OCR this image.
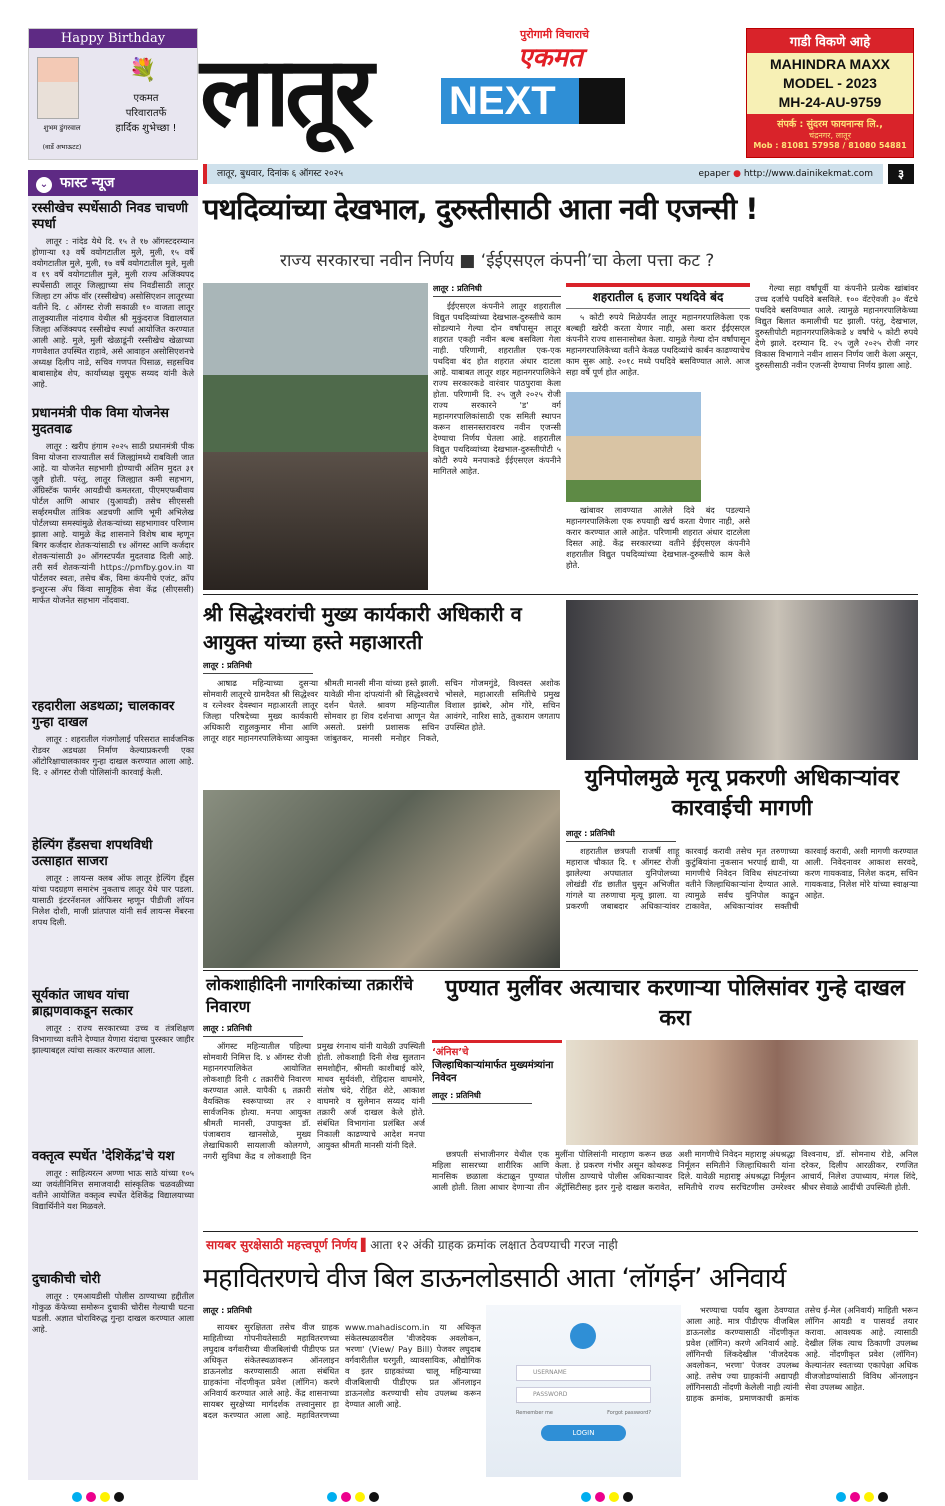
Happy Birthday
💐
शुभम डुंगरवाल
(वार्डे अभाऊटट)
एकमत
परिवारातर्फे
हार्दिक शुभेच्छा ! लातूर
पुरोगामी विचाराचे
एकमत
NEXT
गाडी विकणे आहे
MAHINDRA MAXX
MODEL - 2023
MH-24-AU-9759
संपर्क : सुंदरम फायनान्स लि.,
चंद्रनगर, लातूर
Mob : 81081 57958 / 81080 54881
लातूर, बुधवार, दिनांक ६ ऑगस्ट २०२५	epaper ● http://www.dainikekmat.com	३
⌄ फास्ट न्यूज
रस्सीखेच स्पर्धेसाठी निवड चाचणी स्पर्धा

लातूर : नांदेड येथे दि. १५ ते १७ ऑगस्टदरम्यान होणाऱ्या १३ वर्षे वयोगटातील मुले, मुली, १५ वर्षे वयोगटातील मुले, मुली, १७ वर्षे वयोगटातील मुले, मुली व १९ वर्षे वयोगटातील मुले, मुली राज्य अजिंक्यपद स्पर्धेसाठी लातूर जिल्ह्याच्या संघ निवडीसाठी लातूर जिल्हा टग ऑफ वॉर (रस्सीखेच) असोसिएशन लातूरच्या वतीने दि. ८ ऑगस्ट रोजी सकाळी १० वाजता लातूर तालुक्यातील नांदगाव येथील श्री मुकुंदराज विद्यालयात जिल्हा अजिंक्यपद रस्सीखेच स्पर्धा आयोजित करण्यात आली आहे. मुले, मुली खेळाडूंनी रस्सीखेच खेळाच्या गणवेशात उपस्थित राहावे, असे आवाहन असोसिएशनचे अध्यक्ष दिलीप नाडे, सचिव गणपत पिसाळ, सहसचिव बाबासाहेब शेप, कार्याध्यक्ष युसूफ सय्यद यांनी केले आहे.

प्रधानमंत्री पीक विमा योजनेस मुदतवाढ

लातूर : खरीप हंगाम २०२५ साठी प्रधानमंत्री पीक विमा योजना राज्यातील सर्व जिल्ह्यांमध्ये राबविली जात आहे. या योजनेत सहभागी होण्याची अंतिम मुदत ३१ जुलै होती. परंतु, लातूर जिल्ह्यात कमी सहभाग, ॲग्रिस्टॅक फार्मर आयडीची कमतरता, पीएमएफबीवाय पोर्टल आणि आधार (युआयडी) तसेच सीएससी सर्व्हरमधील तांत्रिक अडचणी आणि भूमी अभिलेख पोर्टलच्या समस्यांमुळे शेतकऱ्यांच्या सहभागावर परिणाम झाला आहे. यामुळे केंद्र शासनाने विशेष बाब म्हणून बिगर कर्जदार शेतकऱ्यांसाठी १४ ऑगस्ट आणि कर्जदार शेतकऱ्यांसाठी ३० ऑगस्टपर्यंत मुदतवाढ दिली आहे. तरी सर्व शेतकऱ्यांनी https://pmfby.gov.in या पोर्टलवर स्वतः, तसेच बँक, विमा कंपनीचे एजंट, क्रॉप इन्शुरन्स ॲप किंवा सामूहिक सेवा केंद्र (सीएससी) मार्फत योजनेत सहभाग नोंदवावा.

रहदारीला अडथळा; चालकावर गुन्हा दाखल

लातूर : शहरातील गंजगोलाई परिसरात सार्वजनिक रोडवर अडथळा निर्माण केल्याप्रकरणी एका ऑटोरिक्षाचालकावर गुन्हा दाखल करण्यात आला आहे. दि. २ ऑगस्ट रोजी पोलिसांनी कारवाई केली.

हेल्पिंग हँडसचा शपथविधी उत्साहात साजरा

लातूर : लायन्स क्लब ऑफ लातूर हेल्पिंग हँड्स यांचा पदग्रहण समारंभ नुकताच लातूर येथे पार पडला. यासाठी इंटरनॅशनल ऑफिसर म्हणून पीडीजी लॉयन निलेश दोशी, माजी प्रांतपाल यांनी सर्व लायन्स मेंबरना शपथ दिली.

सूर्यकांत जाधव यांचा ब्राह्मणवाकडून सत्कार

लातूर : राज्य सरकारच्या उच्च व तंत्रशिक्षण विभागाच्या वतीने देण्यात येणारा यंदाचा पुरस्कार जाहीर झाल्याबद्दल त्यांचा सत्कार करण्यात आला.

वक्तृत्व स्पर्धेत 'देशिकेंद्र'चे यश

लातूर : साहित्यरत्न अण्णा भाऊ साठे यांच्या १०५ व्या जयंतीनिमित्त समाजवादी सांस्कृतिक चळवळीच्या वतीने आयोजित वक्तृत्व स्पर्धेत देशिकेंद्र विद्यालयाच्या विद्यार्थिनीने यश मिळवले.

दुचाकीची चोरी

लातूर : एमआयडीसी पोलीस ठाण्याच्या हद्दीतील गोकुळ कॅफेच्या समोरून दुचाकी चोरीस गेल्याची घटना घडली. अज्ञात चोराविरुद्ध गुन्हा दाखल करण्यात आला आहे.

पथदिव्यांच्या देखभाल, दुरुस्तीसाठी आता नवी एजन्सी !
राज्य सरकारचा नवीन निर्णय ■ ‘ईईएसएल कंपनी’चा केला पत्ता कट ?
लातूर : प्रतिनिधी

ईईएसएल कंपनीने लातूर शहरातील विद्युत पथदिव्यांच्या देखभाल-दुरुस्तीचे काम सोडल्याने गेल्या दोन वर्षांपासून लातूर शहरात एकही नवीन बल्ब बसविला गेला नाही. परिणामी, शहरातील एक-एक पथदिवा बंद होत शहरात अंधार दाटला आहे. याबाबत लातूर शहर महानगरपालिकेने राज्य सरकारकडे वारंवार पाठपुरावा केला होता. परिणामी दि. २५ जुलै २०२५ रोजी राज्य सरकारने 'ड' वर्ग महानगरपालिकांसाठी एक समिती स्थापन करून शासनस्तरावरच नवीन एजन्सी देण्याचा निर्णय घेतला आहे. शहरातील विद्युत पथदिव्यांच्या देखभाल-दुरुस्तीपोटी ५ कोटी रुपये मनपाकडे ईईएसएल कंपनीने मागितले आहेत.

शहरातील ६ हजार पथदिवे बंद

५ कोटी रुपये मिळेपर्यंत लातूर महानगरपालिकेला एक बल्बही खरेदी करता येणार नाही, असा करार ईईएसएल कंपनीने राज्य शासनासोबत केला. यामुळे गेल्या दोन वर्षांपासून महानगरपालिकेच्या वतीने केवळ पथदिव्यांचे कार्बन काढण्याचेच काम सुरू आहे. २०१८ मध्ये पथदिवे बसविण्यात आले. आज सहा वर्षे पूर्ण होत आहेत.

खांबावर लावण्यात आलेले दिवे बंद पडल्याने महानगरपालिकेला एक रुपयाही खर्च करता येणार नाही, असे करार करण्यात आले आहेत. परिणामी शहरात अंधार दाटलेला दिसत आहे. केंद्र सरकारच्या वतीने ईईएसएल कंपनीने शहरातील विद्युत पथदिव्यांच्या देखभाल-दुरुस्तीचे काम केले होते.

गेल्या सहा वर्षांपूर्वी या कंपनीने प्रत्येक खांबांवर उच्च दर्जाचे पथदिवे बसविले. १०० वॅटऐवजी ३० वॅटचे पथदिवे बसविण्यात आले. त्यामुळे महानगरपालिकेच्या विद्युत बिलात कमालीची घट झाली. परंतु, देखभाल, दुरुस्तीपोटी महानगरपालिकेकडे ४ वर्षांचे ५ कोटी रुपये देणे झाले. दरम्यान दि. २५ जुलै २०२५ रोजी नगर विकास विभागाने नवीन शासन निर्णय जारी केला असून, दुरुस्तीसाठी नवीन एजन्सी देण्याचा निर्णय झाला आहे.

श्री सिद्धेश्वरांची मुख्य कार्यकारी अधिकारी व आयुक्त यांच्या हस्ते महाआरती
लातूर : प्रतिनिधी

आषाढ महिन्याच्या दुसऱ्या सोमवारी लातूरचे ग्रामदैवत श्री सिद्धेश्वर व रत्नेश्वर देवस्थान महाआरती लातूर जिल्हा परिषदेच्या मुख्य कार्यकारी अधिकारी राहुलकुमार मीना आणि लातूर शहर महानगरपालिकेच्या आयुक्त श्रीमती मानसी मीना यांच्या हस्ते झाली. यावेळी मीना दांपत्यांनी श्री सिद्धेश्वराचे दर्शन घेतले. श्रावण महिन्यातील सोमवार हा शिव दर्शनाचा आणून येत असतो. प्रसंगी प्रशासक सचिन जांबुतकर, मानसी मनोहर निकते, सचिन गोजमगुंडे, विश्वस्त अशोक भोसले, महाआरती समितीचे प्रमुख विशाल झांबरे, ओम गोरे, सचिन आवंगरे, नारिश साठे, तुकाराम जगताप उपस्थित होते.

युनिपोलमुळे मृत्यू प्रकरणी अधिकाऱ्यांवर कारवाईची मागणी
लातूर : प्रतिनिधी

शहरातील छत्रपती राजर्षी शाहू महाराज चौकात दि. १ ऑगस्ट रोजी झालेल्या अपघातात युनिपोलच्या लोखंडी रॉड छातीत घुसून अभिजीत गांगले या तरुणाचा मृत्यू झाला. या प्रकरणी जबाबदार अधिकाऱ्यांवर कारवाई करावी तसेच मृत तरुणाच्या कुटुंबियांना नुकसान भरपाई द्यावी, या मागणीचे निवेदन विविध संघटनांच्या वतीने जिल्हाधिकाऱ्यांना देण्यात आले. त्यामुळे सर्वच युनिपोल काढून टाकावेत, अधिकाऱ्यांवर सक्तीची कारवाई करावी, अशी मागणी करण्यात आली. निवेदनावर आकाश सरवदे, करण गायकवाड, निलेश कदम, सचिन गायकवाड, निलेश मोरे यांच्या स्वाक्षऱ्या आहेत.

लोकशाहीदिनी नागरिकांच्या तक्रारींचे निवारण
लातूर : प्रतिनिधी

ऑगस्ट महिन्यातील पहिल्या सोमवारी निमित्त दि. ४ ऑगस्ट रोजी महानगरपालिकेत आयोजित लोकशाही दिनी ८ तक्रारींचे निवारण करण्यात आले. यापैकी ६ तक्रारी वैयक्तिक स्वरूपाच्या तर २ सार्वजनिक होत्या. मनपा आयुक्त श्रीमती मानसी, उपायुक्त डॉ. पंजाबराव खानसोळे, मुख्य लेखाधिकारी सायलाजी कोलगणे, नगरी सुविधा केंद्र व लोकशाही दिन प्रमुख रंगनाथ यांनी यावेळी उपस्थिती होती. लोकशाही दिनी शेख सुलतान समशोद्दीन, श्रीमती काशीबाई कोरे, माधव सुर्यवंशी, रोहिदास वाघमोरे, संतोष चंदे, रोहित शेटे, आकाश वाघमारे व सुलेमान सय्यद यांनी तक्रारी अर्ज दाखल केले होते. संबंधित विभागांना प्रलंबित अर्ज निकाली काढण्याचे आदेश मनपा आयुक्त श्रीमती मानसी यांनी दिले.

पुण्यात मुलींवर अत्याचार करणाऱ्या पोलिसांवर गुन्हे दाखल करा
‘अंनिस’चे
जिल्हाधिकाऱ्यांमार्फत मुख्यमंत्र्यांना निवेदन
लातूर : प्रतिनिधी

छत्रपती संभाजीनगर येथील एक महिला सासरच्या शारीरिक आणि मानसिक छळाला कंटाळून पुण्यात आली होती. तिला आधार देणाऱ्या तीन मुलींना पोलिसांनी मारहाण करून छळ केला. हे प्रकरण गंभीर असून कोथरूड पोलीस ठाण्याचे पोलीस अधिकाऱ्यावर ॲट्रॉसिटीसह इतर गुन्हे दाखल करावेत, अशी मागणीचे निवेदन महाराष्ट्र अंधश्रद्धा निर्मूलन समितीने जिल्हाधिकारी यांना दिले. यावेळी महाराष्ट्र अंधश्रद्धा निर्मूलन समितीचे राज्य सरचिटणीस उमरेश्वर विश्वनाथ, डॉ. सोमनाथ रोडे, अनिल दरेकर, दिलीप आरळीकर, रणजित आचार्य, निलेश उपाध्याय, मंगल शिंदे, श्रीधर सेवाळे आदींची उपस्थिती होती.

सायबर सुरक्षेसाठी महत्त्वपूर्ण निर्णय ▌आता १२ अंकी ग्राहक क्रमांक लक्षात ठेवण्याची गरज नाही
महावितरणचे वीज बिल डाऊनलोडसाठी आता ‘लॉगईन’ अनिवार्य
लातूर : प्रतिनिधी

सायबर सुरक्षितता तसेच वीज ग्राहक माहितीच्या गोपनीयतेसाठी महावितरणच्या लघुदाब वर्गवारीच्या वीजबिलांची पीडीएफ प्रत अधिकृत संकेतस्थळावरून ऑनलाइन डाऊनलोड करण्यासाठी आता संबंधित ग्राहकांना नोंदणीकृत प्रवेश (लॉगिन) करणे अनिवार्य करण्यात आले आहे. केंद्र शासनाच्या सायबर सुरक्षेच्या मार्गदर्शक तत्त्वानुसार हा बदल करण्यात आला आहे. महावितरणच्या www.mahadiscom.in या अधिकृत संकेतस्थळावरील 'वीजदेयक अवलोकन, भरणा' (View/ Pay Bill) पेजवर लघुदाब वर्गवारीतील घरगुती, व्यावसायिक, औद्योगिक व इतर ग्राहकांच्या चालू महिन्याच्या वीजबिलाची पीडीएफ प्रत ऑनलाइन डाऊनलोड करण्याची सोय उपलब्ध करून देण्यात आली आहे.

USERNAME
PASSWORD
Remember me	Forgot password?
LOGIN

भरण्याचा पर्याय खुला ठेवण्यात आला आहे. मात्र पीडीएफ वीजबिल डाऊनलोड करण्यासाठी नोंदणीकृत प्रवेश (लॉगिन) करणे अनिवार्य आहे. लॉगिनची लिंकदेखील 'वीजदेयक अवलोकन, भरणा' पेजवर उपलब्ध आहे. तसेच ज्या ग्राहकांनी अद्यापही लॉगिनसाठी नोंदणी केलेली नाही त्यांनी ग्राहक क्रमांक, प्रमाणकाची क्रमांक तसेच ई-मेल (अनिवार्य) माहिती भरून लॉगिन आयडी व पासवर्ड तयार करावा. आवश्यक आहे. त्यासाठी देखील लिंक त्याच ठिकाणी उपलब्ध आहे. नोंदणीकृत प्रवेश (लॉगिन) केल्यानंतर स्वतःच्या एकापेक्षा अधिक वीजजोडण्यांसाठी विविध ऑनलाइन सेवा उपलब्ध आहेत.
